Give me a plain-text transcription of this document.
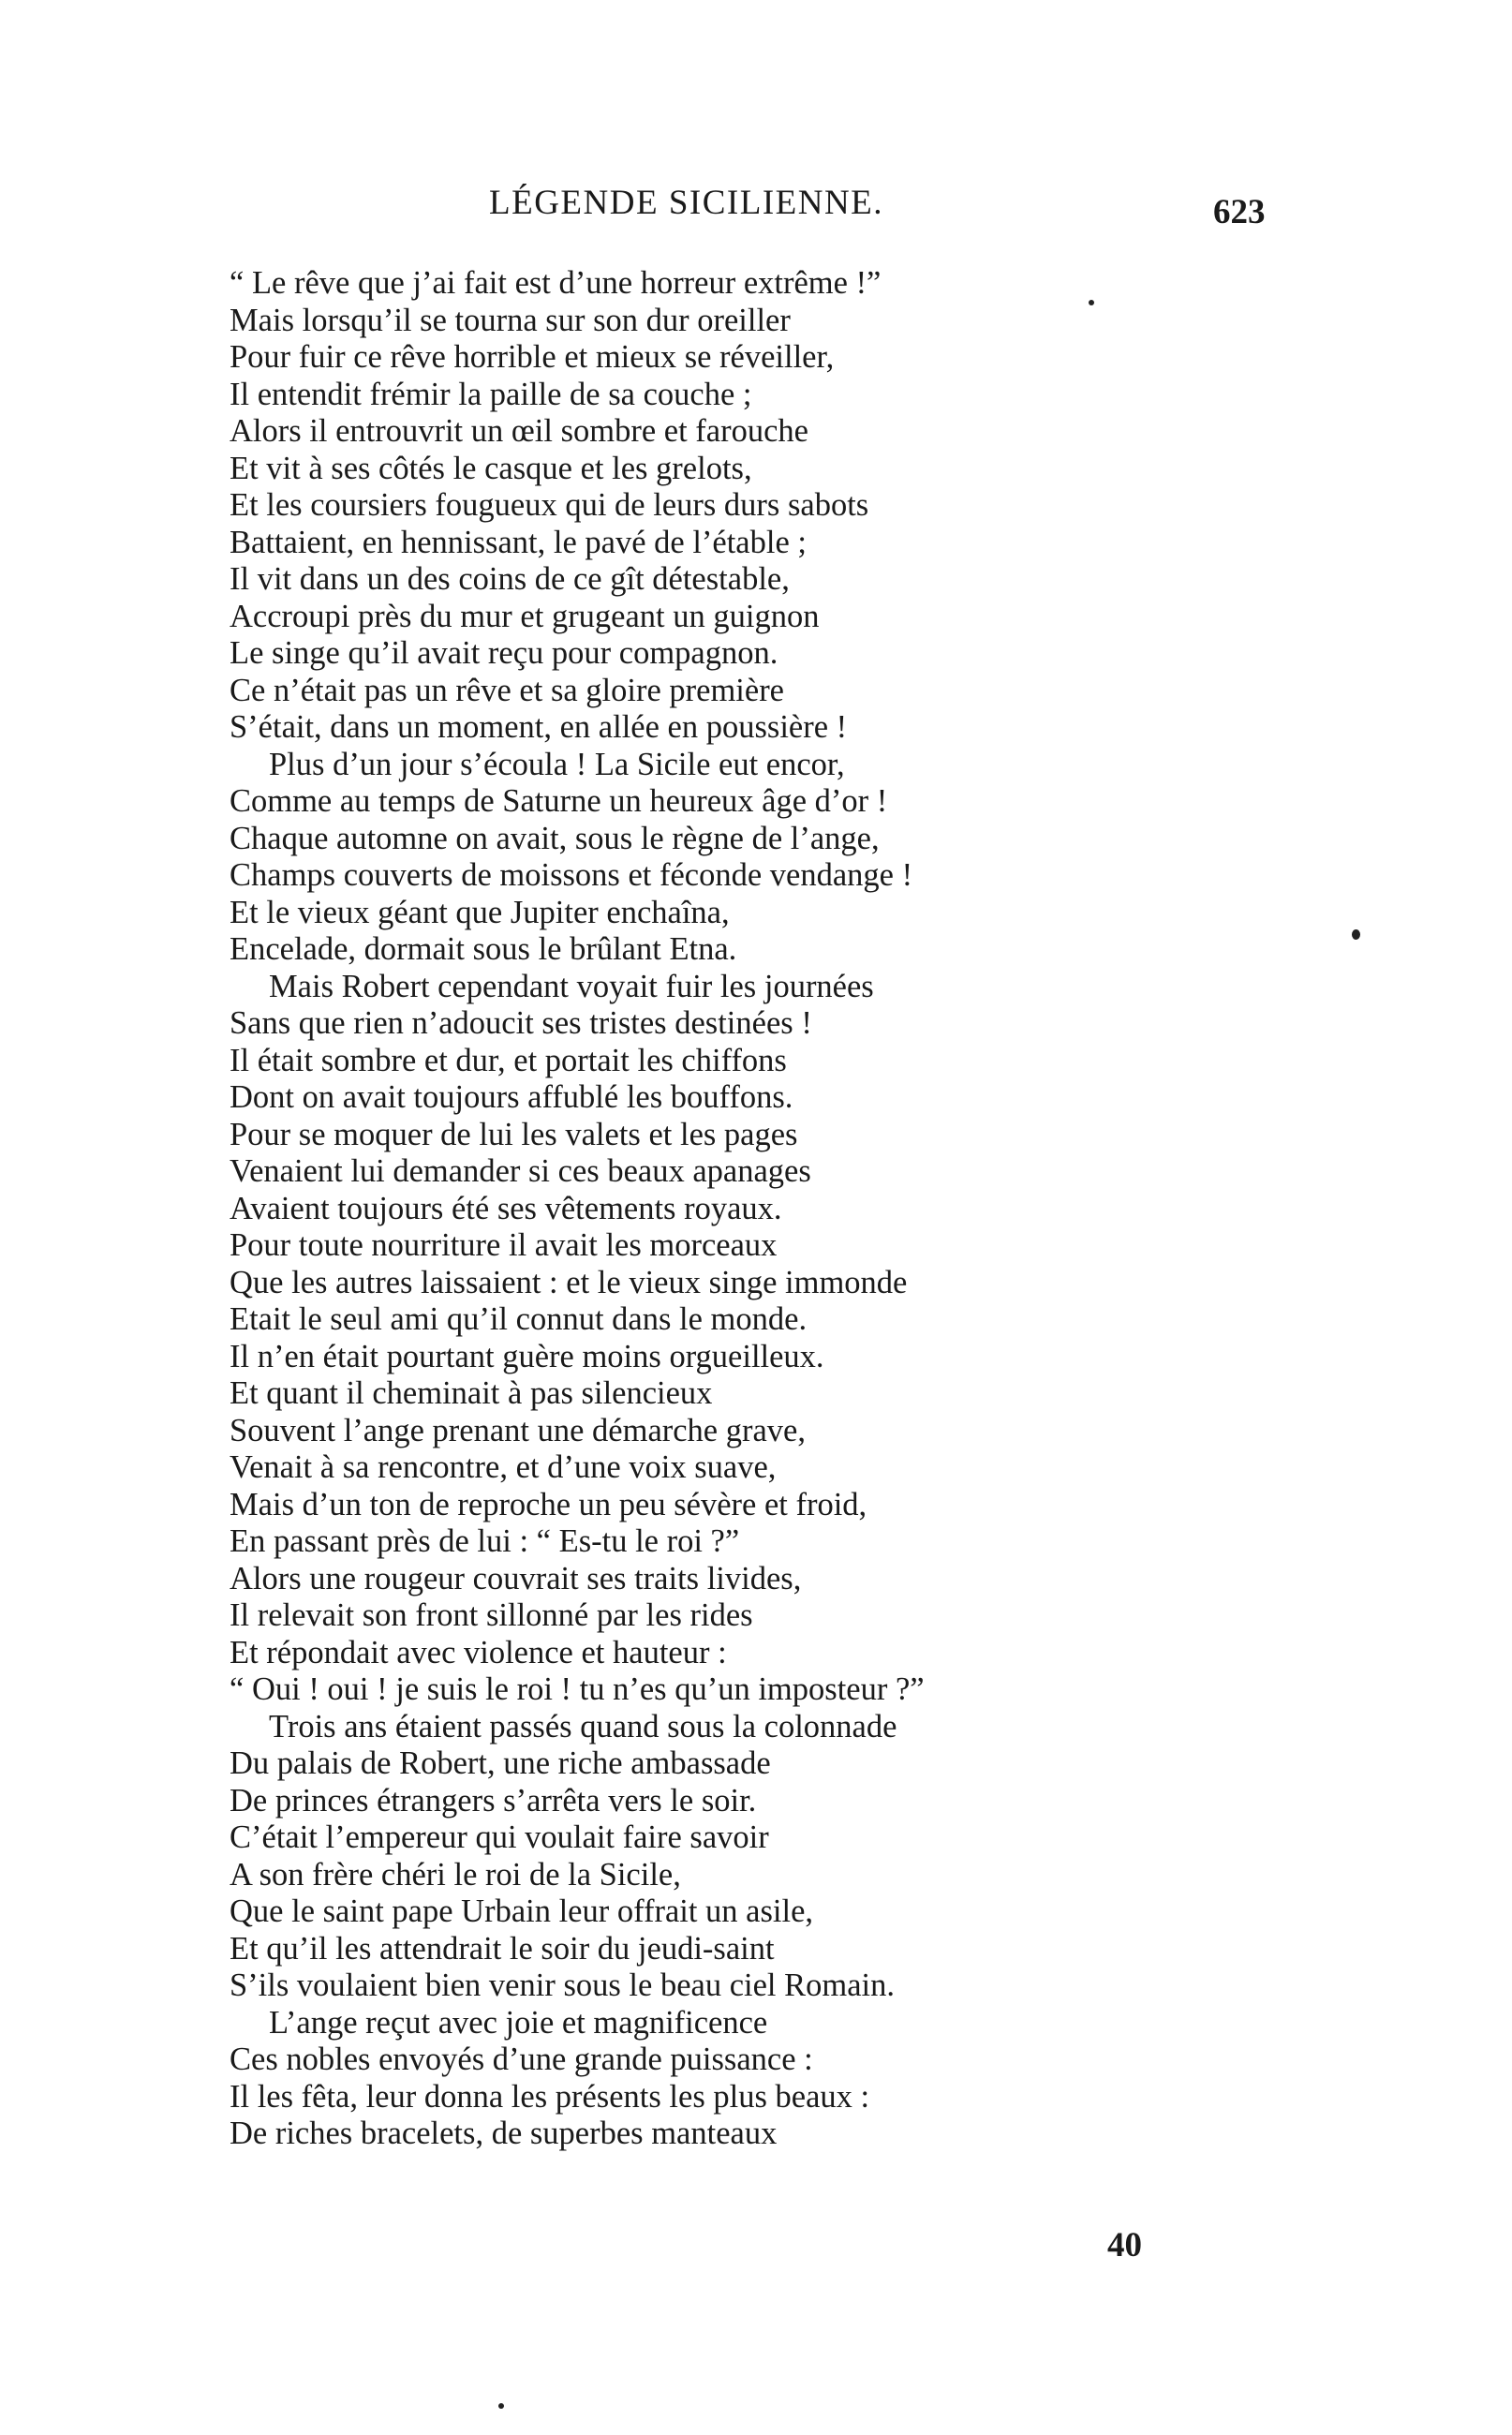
LÉGENDE SICILIENNE.	623
“ Le rêve que j’ai fait est d’une horreur extrême !”
Mais lorsqu’il se tourna sur son dur oreiller
Pour fuir ce rêve horrible et mieux se réveiller,
Il entendit frémir la paille de sa couche ;
Alors il entrouvrit un œil sombre et farouche
Et vit à ses côtés le casque et les grelots,
Et les coursiers fougueux qui de leurs durs sabots
Battaient, en hennissant, le pavé de l’étable ;
Il vit dans un des coins de ce gît détestable,
Accroupi près du mur et grugeant un guignon
Le singe qu’il avait reçu pour compagnon.
Ce n’était pas un rêve et sa gloire première
S’était, dans un moment, en allée en poussière !
Plus d’un jour s’écoula ! La Sicile eut encor,
Comme au temps de Saturne un heureux âge d’or !
Chaque automne on avait, sous le règne de l’ange,
Champs couverts de moissons et féconde vendange !
Et le vieux géant que Jupiter enchaîna,
Encelade, dormait sous le brûlant Etna.
Mais Robert cependant voyait fuir les journées
Sans que rien n’adoucit ses tristes destinées !
Il était sombre et dur, et portait les chiffons
Dont on avait toujours affublé les bouffons.
Pour se moquer de lui les valets et les pages
Venaient lui demander si ces beaux apanages
Avaient toujours été ses vêtements royaux.
Pour toute nourriture il avait les morceaux
Que les autres laissaient : et le vieux singe immonde
Etait le seul ami qu’il connut dans le monde.
Il n’en était pourtant guère moins orgueilleux.
Et quant il cheminait à pas silencieux
Souvent l’ange prenant une démarche grave,
Venait à sa rencontre, et d’une voix suave,
Mais d’un ton de reproche un peu sévère et froid,
En passant près de lui : “ Es-tu le roi ?”
Alors une rougeur couvrait ses traits livides,
Il relevait son front sillonné par les rides
Et répondait avec violence et hauteur :
“ Oui ! oui ! je suis le roi ! tu n’es qu’un imposteur ?”
Trois ans étaient passés quand sous la colonnade
Du palais de Robert, une riche ambassade
De princes étrangers s’arrêta vers le soir.
C’était l’empereur qui voulait faire savoir
A son frère chéri le roi de la Sicile,
Que le saint pape Urbain leur offrait un asile,
Et qu’il les attendrait le soir du jeudi-saint
S’ils voulaient bien venir sous le beau ciel Romain.
L’ange reçut avec joie et magnificence
Ces nobles envoyés d’une grande puissance :
Il les fêta, leur donna les présents les plus beaux :
De riches bracelets, de superbes manteaux
40
